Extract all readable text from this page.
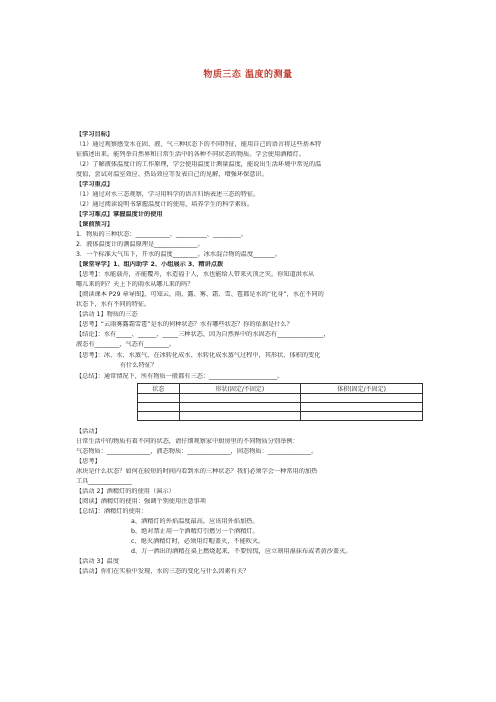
物质三态 温度的测量
【学习目标】
（1）通过观察感受水在固、液、气三种状态下的不同特征，能用自己的语言将这些基本特
征描述出来。能列举自然界和日常生活中的各种不同状态的物质。学会使用酒精灯。
（2）了解液体温度计的工作原理，学会使用温度计测量温度，能说出生活环境中常见的温
度值，尝试对温室效应、热岛效应等发表自己的见解，增强环保意识。
【学习重点】
（1）通过对水三态观察，学习用科学的语言归纳表述三态的特征。
（2）通过阅读说明书掌握温度计的使用，培养学生的科学素质。
【学习难点】掌握温度计的使用
【课前预习】
1．物质的三种状态：___________、__________、_________。
2．液体温度计的测温原理是______________。
3．一个标准大气压下，开水的温度________。冰水混合物的温度_______。
【课堂导学】1、组内助学 2、小组展示 3、精讲点拨
【思考】：水能载舟，亦能覆舟，水造福于人，水也能给人带来灭顶之灾。你知道洪水从
哪儿来的吗？天上下的雨水从哪儿来的吗？
【阅读课本 P29 章导图】，可知云、雨、露、雾、霜、雪、雹都是水的“化身”，水在不同的
状态下，水有不同的特征。
【活动 1】物质的三态
【思考】“云雨雾露霜雪雹”是水的何种状态？水有哪些状态？你的依据是什么？
【结论】：水有_____、______、_____三种状态，因为自然界中的水固态有_______________，
液态有________，气态有________。
【思考】：冰、水、水蒸气，在冰转化成水、水转化成水蒸气过程中，其形状、体积的变化
有什么特征？
【总结】：通常情况下，所有物质一般都有三态：______________________。
状态	形状(固定/不固定)	体积(固定/不固定)

【活动】
日常生活中的物质有着不同的状态，请仔细观察家中厨房里的不同物质分别举例：
气态物质：______________，液态物质：______________，固态物质：______________。
【思考】
冰块是什么状态？如何在较短的时间内看到水的三种状态？我们必须学会一种常用的加热
工具______________
【活动 2】酒精灯的的使用（演示）
【阅读】酒精灯的使用：强调个别使用注意事项
【总结】：酒精灯的使用：
a、酒精灯的外焰温度最高，应该用外焰加热。
b、绝对禁止用一个酒精灯引燃另一个酒精灯。
c、熄灭酒精灯时，必须用灯帽盖灭，不能吹灭。
d、万一洒出的酒精在桌上燃烧起来，不要惊慌，应立刻用湿抹布或者黄沙盖灭。
【活动 3】温度
【活动】你们在实验中发现，水的三态的变化与什么因素有关？
